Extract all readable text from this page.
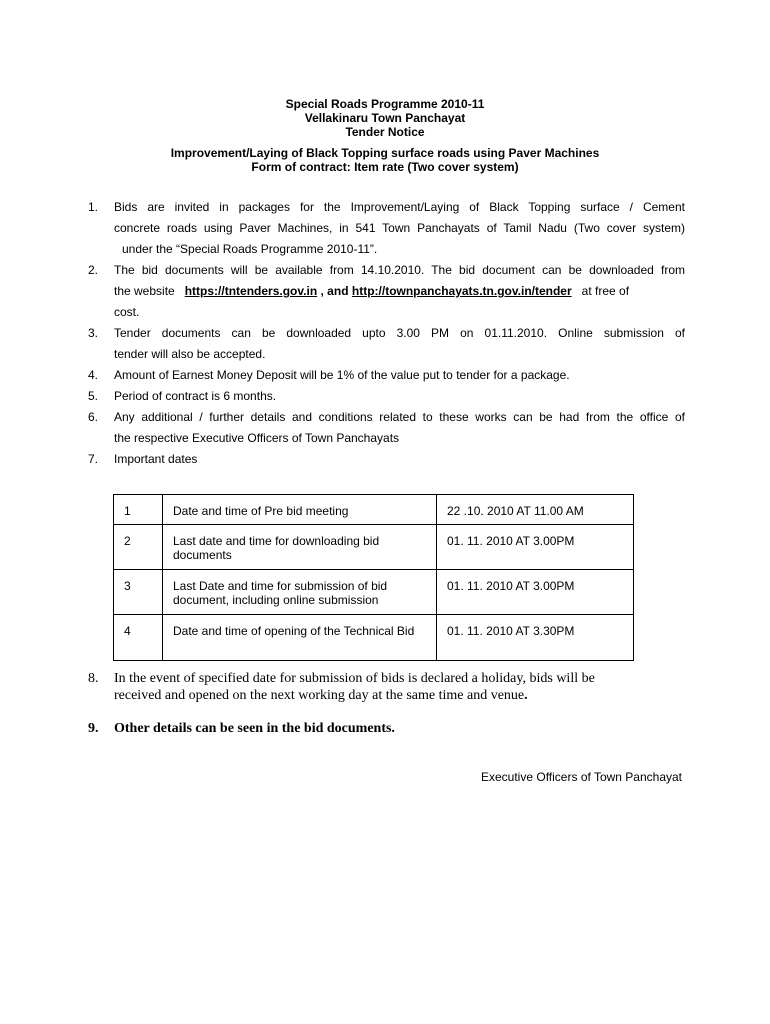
Special Roads Programme 2010-11
Vellakinaru Town Panchayat
Tender Notice
Improvement/Laying of Black Topping surface roads using Paver Machines
Form of contract: Item rate (Two cover system)
1.	Bids are invited in packages for the Improvement/Laying of Black Topping surface / Cement
concrete roads using Paver Machines, in 541 Town Panchayats of Tamil Nadu (Two cover system)
under the “Special Roads Programme 2010-11”.
2.	The bid documents will be available from 14.10.2010. The bid document can be downloaded from
the website https://tntenders.gov.in , and http://townpanchayats.tn.gov.in/tender at free of
cost.
3.	Tender documents can be downloaded upto 3.00 PM on 01.11.2010. Online submission of
tender will also be accepted.
4.	Amount of Earnest Money Deposit will be 1% of the value put to tender for a package.
5.	Period of contract is 6 months.
6.	Any additional / further details and conditions related to these works can be had from the office of
the respective Executive Officers of Town Panchayats
7.	Important dates
1	Date and time of Pre bid meeting	22 .10. 2010 AT 11.00 AM
2	Last date and time for downloading bid documents	01. 11. 2010 AT 3.00PM
3	Last Date and time for submission of bid document, including online submission	01. 11. 2010 AT 3.00PM
4	Date and time of opening of the Technical Bid	01. 11. 2010 AT 3.30PM
8. In the event of specified date for submission of bids is declared a holiday, bids will be
received and opened on the next working day at the same time and venue.
9. Other details can be seen in the bid documents.
Executive Officers of Town Panchayat
